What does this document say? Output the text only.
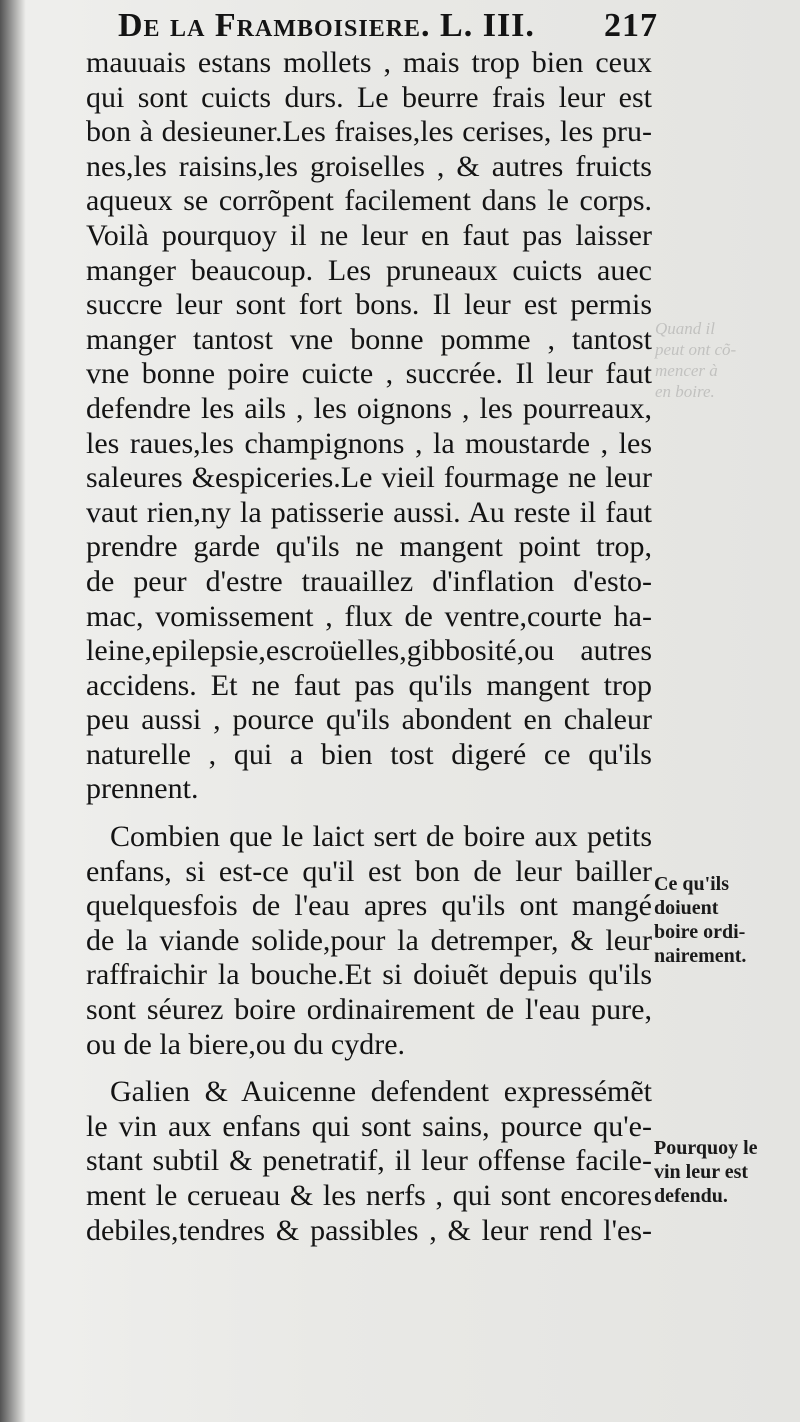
De la Framboisiere. L. III. 217
Quand il
peut ont cõ-
mencer à
en boire.
mauuais estans mollets , mais trop bien ceux
qui sont cuicts durs. Le beurre frais leur est
bon à desieuner.Les fraises,les cerises, les pru-
nes,les raisins,les groiselles , & autres fruicts
aqueux se corrõpent facilement dans le corps.
Voilà pourquoy il ne leur en faut pas laisser
manger beaucoup. Les pruneaux cuicts auec
succre leur sont fort bons. Il leur est permis
manger tantost vne bonne pomme , tantost
vne bonne poire cuicte , succrée. Il leur faut
defendre les ails , les oignons , les pourreaux,
les raues,les champignons , la moustarde , les
saleures &espiceries.Le vieil fourmage ne leur
vaut rien,ny la patisserie aussi. Au reste il faut
prendre garde qu'ils ne mangent point trop,
de peur d'estre trauaillez d'inflation d'esto-
mac, vomissement , flux de ventre,courte ha-
leine,epilepsie,escroüelles,gibbosité,ou autres
accidens. Et ne faut pas qu'ils mangent trop
peu aussi , pource qu'ils abondent en chaleur
naturelle , qui a bien tost digeré ce qu'ils
prennent.
Combien que le laict sert de boire aux petits
enfans, si est-ce qu'il est bon de leur bailler
quelquesfois de l'eau apres qu'ils ont mangé
de la viande solide,pour la detremper, & leur
raffraichir la bouche.Et si doiuẽt depuis qu'ils
sont séurez boire ordinairement de l'eau pure,
ou de la biere,ou du cydre.
Galien & Auicenne defendent expressémẽt
le vin aux enfans qui sont sains, pource qu'e-
stant subtil & penetratif, il leur offense facile-
ment le cerueau & les nerfs , qui sont encores
debiles,tendres & passibles , & leur rend l'es-
Ce qu'ils
doiuent
boire ordi-
nairement.
Pourquoy le
vin leur est
defendu.
